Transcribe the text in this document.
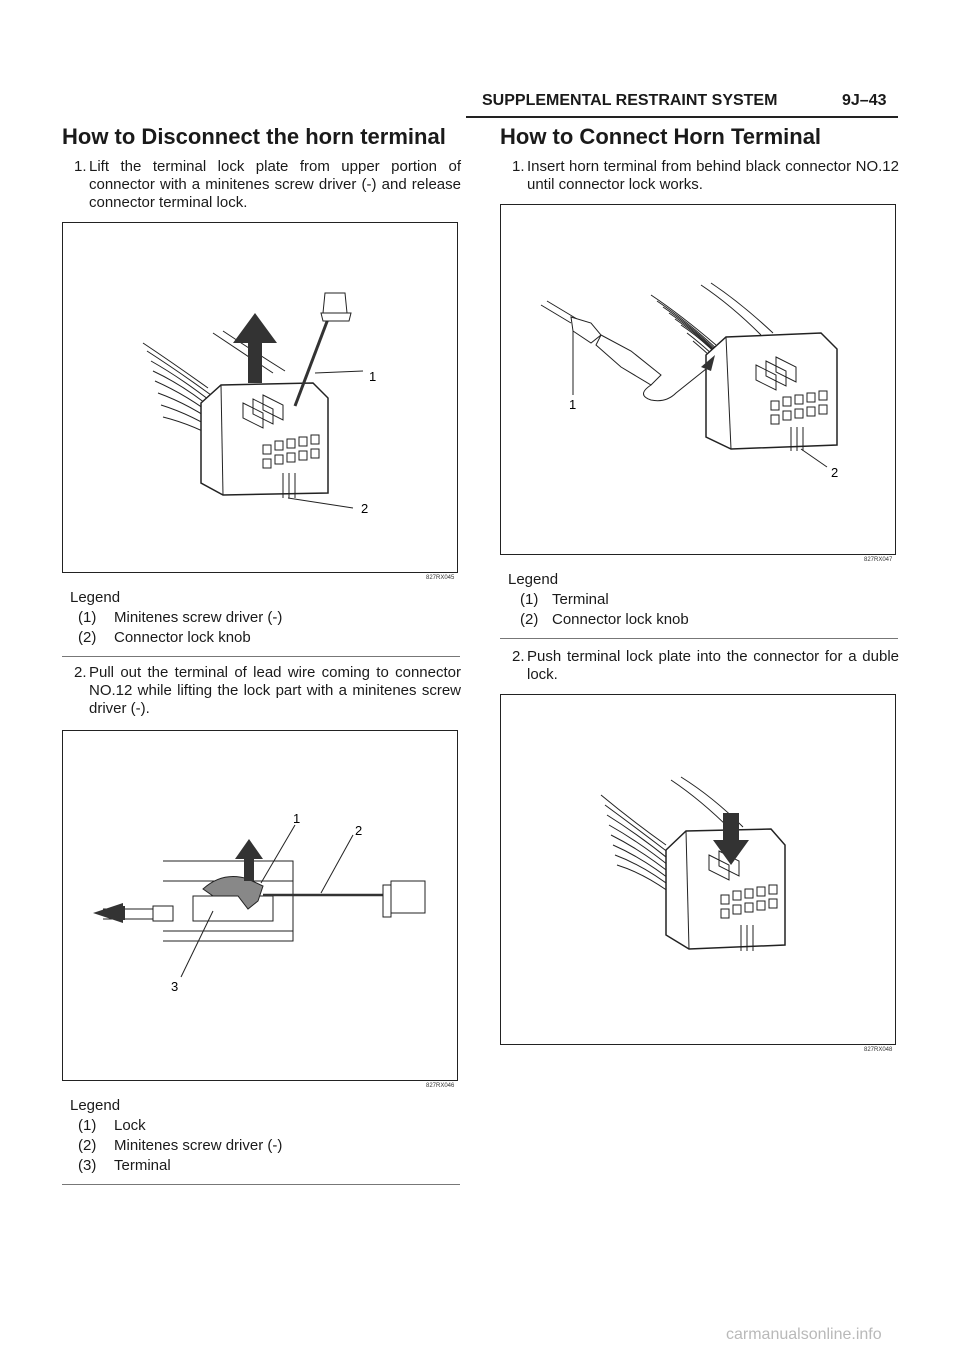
SUPPLEMENTAL RESTRAINT SYSTEM	9J–43
How to Disconnect the horn terminal
1. Lift the terminal lock plate from upper portion of connector with a minitenes screw driver (-) and release connector terminal lock.
1
2
827RX045
Legend
(1) Minitenes screw driver (-)
(2) Connector lock knob
2. Pull out the terminal of lead wire coming to connector NO.12 while lifting the lock part with a minitenes screw driver (-).
1
2
3
827RX046
Legend
(1) Lock
(2) Minitenes screw driver (-)
(3) Terminal
How to Connect Horn Terminal
1. Insert horn terminal from behind black connector NO.12 until connector lock works.
1
2
827RX047
Legend
(1) Terminal
(2) Connector lock knob
2. Push terminal lock plate into the connector for a duble lock.
827RX048
carmanualsonline.info
